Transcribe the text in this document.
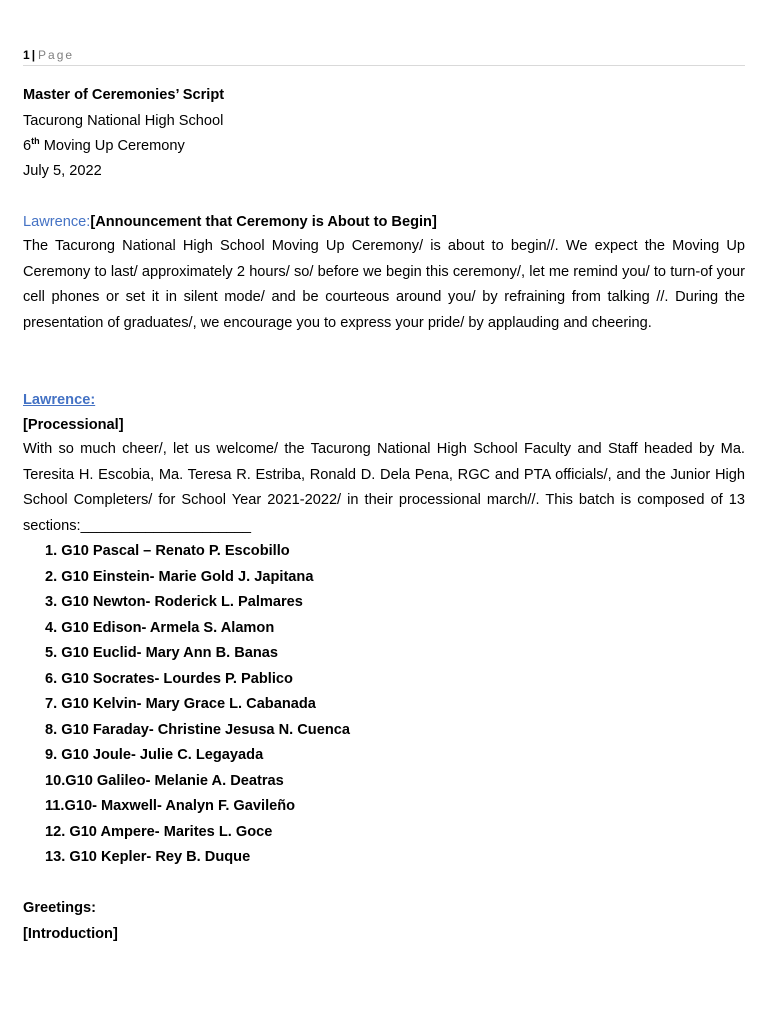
1 | Page
Master of Ceremonies’ Script
Tacurong National High School
6th Moving Up Ceremony
July 5, 2022
Lawrence:[Announcement that Ceremony is About to Begin]
The Tacurong National High School Moving Up Ceremony/ is about to begin//. We expect the Moving Up Ceremony to last/ approximately 2 hours/ so/ before we begin this ceremony/, let me remind you/ to turn-of your cell phones or set it in silent mode/ and be courteous around you/ by refraining from talking //. During the presentation of graduates/, we encourage you to express your pride/ by applauding and cheering.
Lawrence:
[Processional]
With so much cheer/, let us welcome/ the Tacurong National High School Faculty and Staff headed by Ma. Teresita H. Escobia, Ma. Teresa R. Estriba, Ronald D. Dela Pena, RGC and PTA officials/, and the Junior High School Completers/ for School Year 2021-2022/ in their processional march//. This batch is composed of 13 sections:_____________________
1. G10 Pascal – Renato P. Escobillo
2. G10 Einstein- Marie Gold J. Japitana
3. G10 Newton- Roderick L. Palmares
4. G10 Edison- Armela S. Alamon
5. G10 Euclid- Mary Ann B. Banas
6. G10 Socrates- Lourdes P. Pablico
7. G10 Kelvin- Mary Grace L. Cabanada
8. G10 Faraday- Christine Jesusa N. Cuenca
9. G10 Joule- Julie C. Legayada
10.G10 Galileo- Melanie A. Deatras
11.G10- Maxwell- Analyn F. Gavileño
12. G10 Ampere- Marites L. Goce
13. G10 Kepler- Rey B. Duque
Greetings:
[Introduction]
